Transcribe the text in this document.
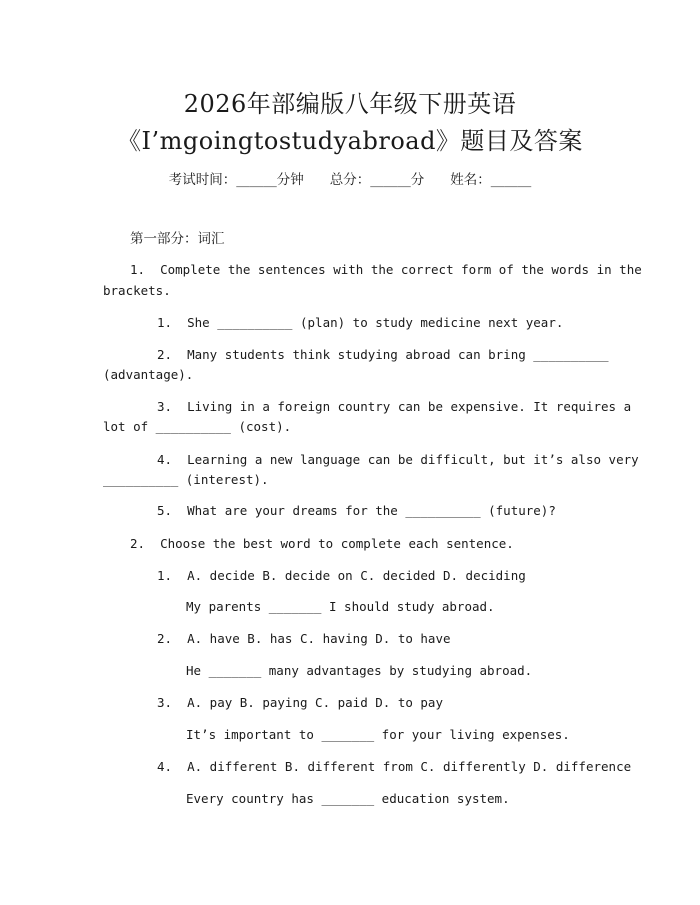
2026年部编版八年级下册英语
《I’mgoingtostudyabroad》题目及答案
考试时间：______分钟 总分：______分 姓名：______
第一部分：词汇
1.  Complete the sentences with the correct form of the words in the
brackets.
1.  She __________ (plan) to study medicine next year.
2.  Many students think studying abroad can bring __________
(advantage).
3.  Living in a foreign country can be expensive. It requires a
lot of __________ (cost).
4.  Learning a new language can be difficult, but it’s also very
__________ (interest).
5.  What are your dreams for the __________ (future)?
2.  Choose the best word to complete each sentence.
1.  A. decide B. decide on C. decided D. deciding
My parents _______ I should study abroad.
2.  A. have B. has C. having D. to have
He _______ many advantages by studying abroad.
3.  A. pay B. paying C. paid D. to pay
It’s important to _______ for your living expenses.
4.  A. different B. different from C. differently D. difference
Every country has _______ education system.
